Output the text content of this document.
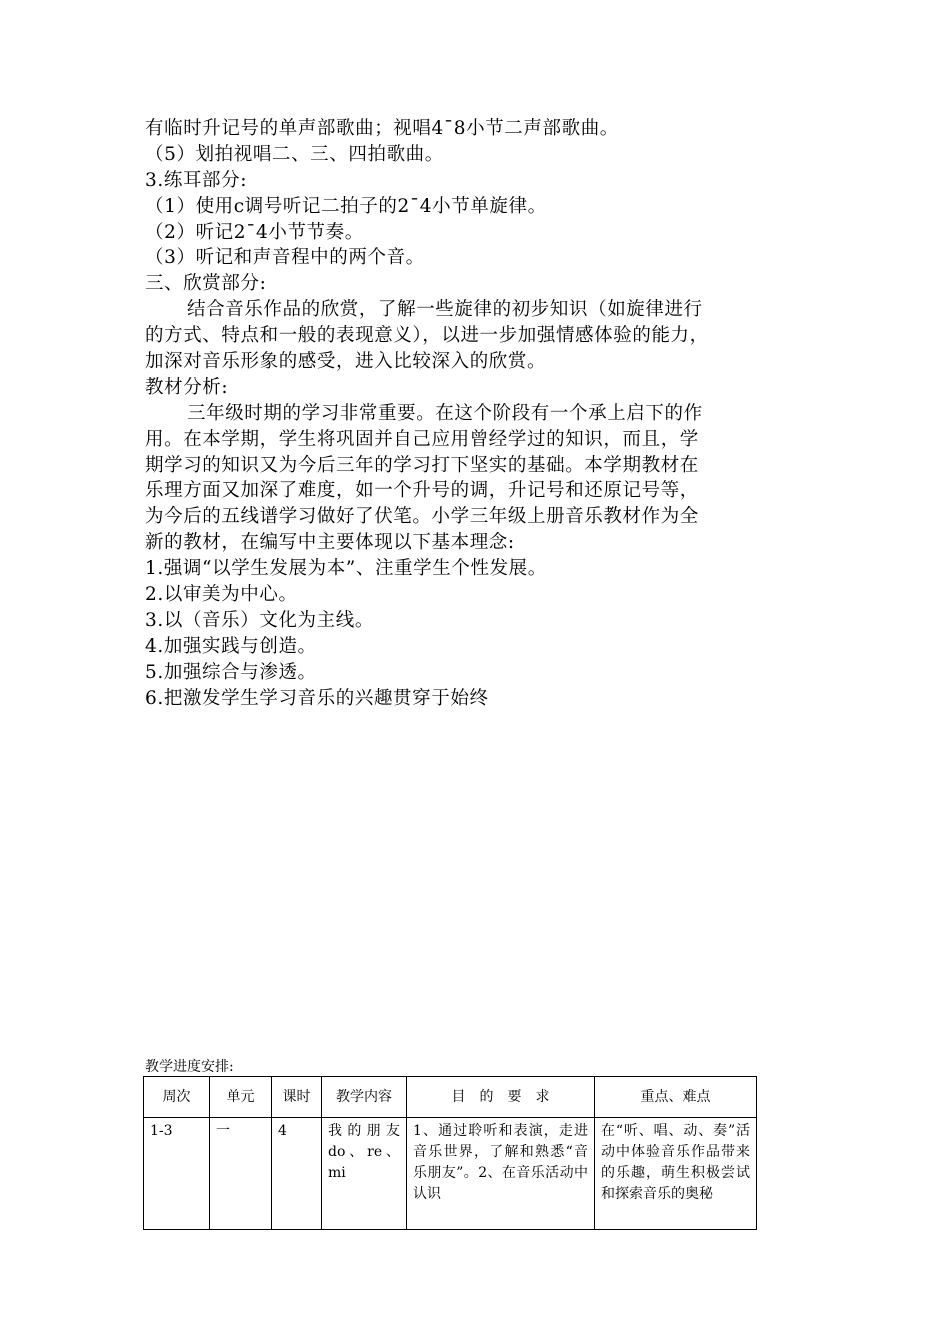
有临时升记号的单声部歌曲；视唱4¯8小节二声部歌曲。
（5）划拍视唱二、三、四拍歌曲。
3.练耳部分:
（1）使用c调号听记二拍子的2¯4小节单旋律。
（2）听记2¯4小节节奏。
（3）听记和声音程中的两个音。
三、欣赏部分:
结合音乐作品的欣赏，了解一些旋律的初步知识（如旋律进行
的方式、特点和一般的表现意义），以进一步加强情感体验的能力，
加深对音乐形象的感受，进入比较深入的欣赏。
教材分析:
三年级时期的学习非常重要。在这个阶段有一个承上启下的作
用。在本学期，学生将巩固并自己应用曾经学过的知识，而且，学
期学习的知识又为今后三年的学习打下坚实的基础。本学期教材在
乐理方面又加深了难度，如一个升号的调，升记号和还原记号等，
为今后的五线谱学习做好了伏笔。小学三年级上册音乐教材作为全
新的教材，在编写中主要体现以下基本理念:
1.强调“以学生发展为本”、注重学生个性发展。
2.以审美为中心。
3.以（音乐）文化为主线。
4.加强实践与创造。
5.加强综合与渗透。
6.把激发学生学习音乐的兴趣贯穿于始终
教学进度安排:
周次	单元	课时	教学内容	目　的　要　求	重点、难点
1-3	一	4	我的朋友do、re、mi	1、通过聆听和表演，走进音乐世界，了解和熟悉“音乐朋友”。2、在音乐活动中认识	在“听、唱、动、奏”活动中体验音乐作品带来的乐趣，萌生积极尝试和探索音乐的奥秘
